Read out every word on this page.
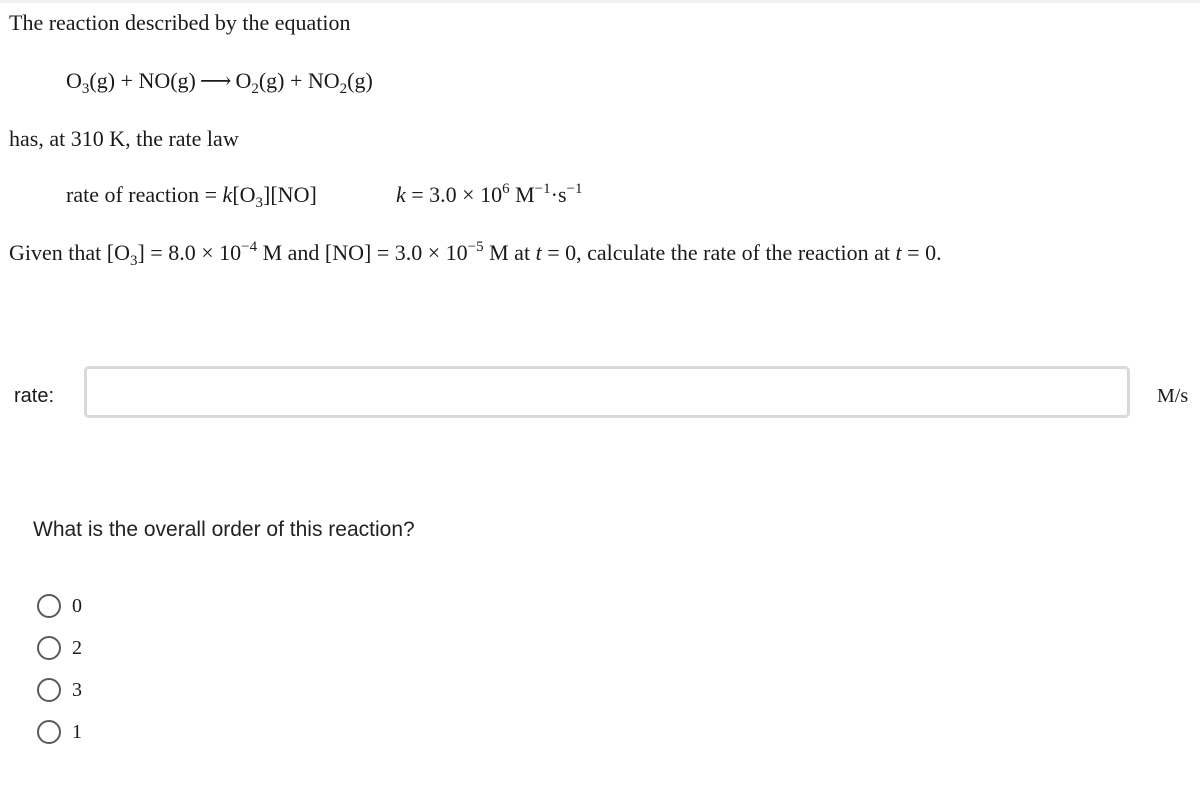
The reaction described by the equation
$O_3(g) + NO(g)$ ⟶ $O_2(g) + NO_2(g)$
has, at 310 K, the rate law
rate of reaction = $k[O_3][NO]$	$k = 3.0 \times 10^6$ $M^{-1}\cdot s^{-1}$
Given that $[O_3] = 8.0 \times 10^{-4}$ M and $[NO] = 3.0 \times 10^{-5}$ M at t = 0, calculate the rate of the reaction at t = 0.
rate:	M/s
What is the overall order of this reaction?
0
2
3
1
